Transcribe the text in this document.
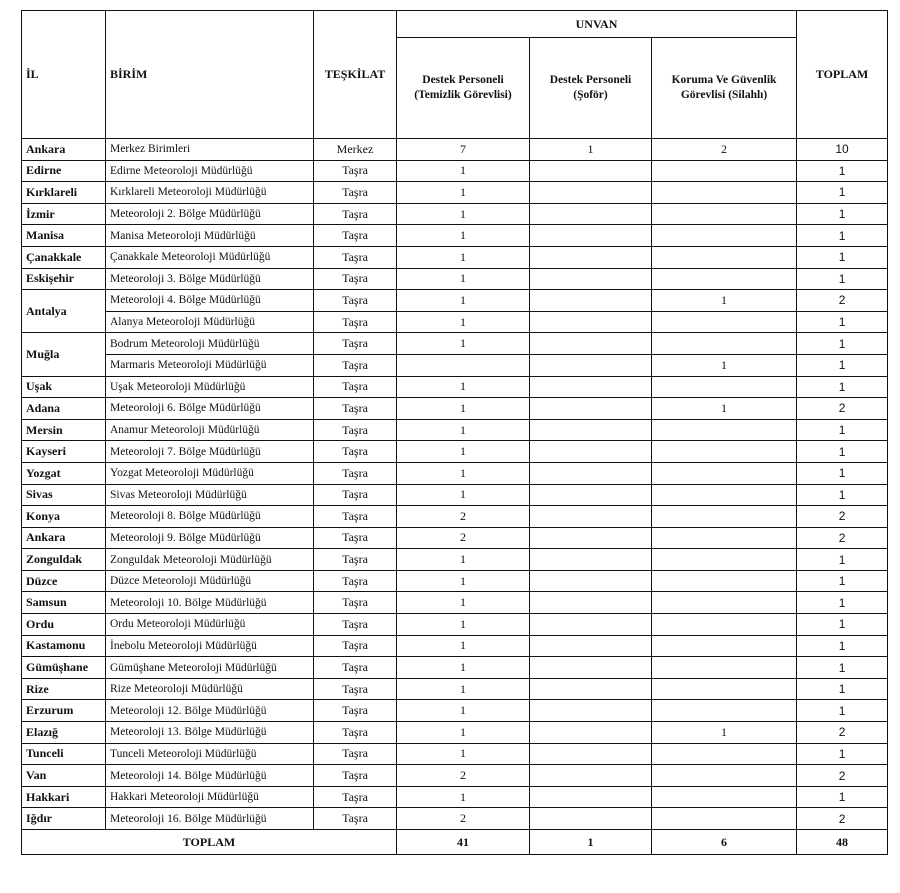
İL	BİRİM	TEŞKİLAT	UNVAN			TOPLAM
			Destek Personeli (Temizlik Görevlisi)	Destek Personeli (Şoför)	Koruma Ve Güvenlik Görevlisi (Silahlı)	
Ankara	Merkez Birimleri	Merkez	7	1	2	10
Edirne	Edirne Meteoroloji Müdürlüğü	Taşra	1			1
Kırklareli	Kırklareli Meteoroloji Müdürlüğü	Taşra	1			1
İzmir	Meteoroloji 2. Bölge Müdürlüğü	Taşra	1			1
Manisa	Manisa Meteoroloji Müdürlüğü	Taşra	1			1
Çanakkale	Çanakkale Meteoroloji Müdürlüğü	Taşra	1			1
Eskişehir	Meteoroloji 3. Bölge Müdürlüğü	Taşra	1			1
Antalya	Meteoroloji 4. Bölge Müdürlüğü	Taşra	1		1	2
	Alanya Meteoroloji Müdürlüğü	Taşra	1			1
Muğla	Bodrum Meteoroloji Müdürlüğü	Taşra	1			1
	Marmaris Meteoroloji Müdürlüğü	Taşra			1	1
Uşak	Uşak Meteoroloji Müdürlüğü	Taşra	1			1
Adana	Meteoroloji 6. Bölge Müdürlüğü	Taşra	1		1	2
Mersin	Anamur Meteoroloji Müdürlüğü	Taşra	1			1
Kayseri	Meteoroloji 7. Bölge Müdürlüğü	Taşra	1			1
Yozgat	Yozgat Meteoroloji Müdürlüğü	Taşra	1			1
Sivas	Sivas Meteoroloji Müdürlüğü	Taşra	1			1
Konya	Meteoroloji 8. Bölge Müdürlüğü	Taşra	2			2
Ankara	Meteoroloji 9. Bölge Müdürlüğü	Taşra	2			2
Zonguldak	Zonguldak Meteoroloji Müdürlüğü	Taşra	1			1
Düzce	Düzce Meteoroloji Müdürlüğü	Taşra	1			1
Samsun	Meteoroloji 10. Bölge Müdürlüğü	Taşra	1			1
Ordu	Ordu Meteoroloji Müdürlüğü	Taşra	1			1
Kastamonu	İnebolu Meteoroloji Müdürlüğü	Taşra	1			1
Gümüşhane	Gümüşhane Meteoroloji Müdürlüğü	Taşra	1			1
Rize	Rize Meteoroloji Müdürlüğü	Taşra	1			1
Erzurum	Meteoroloji 12. Bölge Müdürlüğü	Taşra	1			1
Elazığ	Meteoroloji 13. Bölge Müdürlüğü	Taşra	1		1	2
Tunceli	Tunceli Meteoroloji Müdürlüğü	Taşra	1			1
Van	Meteoroloji 14. Bölge Müdürlüğü	Taşra	2			2
Hakkari	Hakkari Meteoroloji Müdürlüğü	Taşra	1			1
Iğdır	Meteoroloji 16. Bölge Müdürlüğü	Taşra	2			2
TOPLAM			41	1	6	48
